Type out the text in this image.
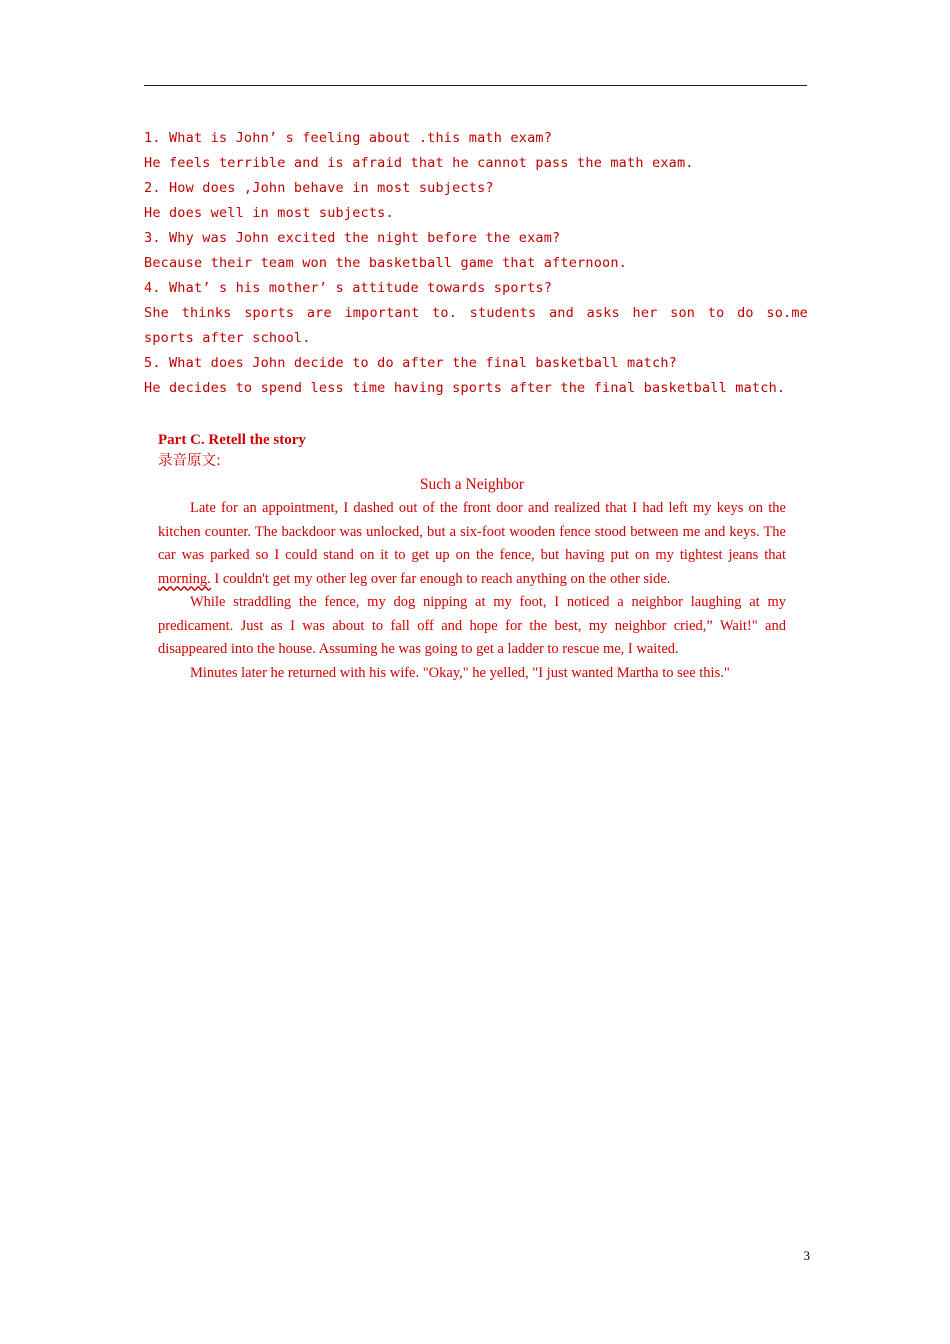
1. What is John’ s feeling about .this math exam?
He feels terrible and is afraid that he cannot pass the math exam.
2. How does ,John behave in most subjects?
He does well in most subjects.
3. Why was John excited the night before the exam?
Because their team won the basketball game that afternoon.
4. What’ s his mother’ s attitude towards sports?
She thinks sports are important to. students and asks her son to do so.me sports after school.
5. What does John decide to do after the final basketball match?
He decides to spend less time having sports after the final basketball match.
Part C. Retell the story
录音原文:
Such a Neighbor

Late for an appointment, I dashed out of the front door and realized that I had left my keys on the kitchen counter. The backdoor was unlocked, but a six-foot wooden fence stood between me and keys. The car was parked so I could stand on it to get up on the fence, but having put on my tightest jeans that morning. I couldn't get my other leg over far enough to reach anything on the other side.

While straddling the fence, my dog nipping at my foot, I noticed a neighbor laughing at my predicament. Just as I was about to fall off and hope for the best, my neighbor cried,” Wait!" and disappeared into the house. Assuming he was going to get a ladder to rescue me, I waited.

Minutes later he returned with his wife. "Okay," he yelled, "I just wanted Martha to see this."

3
